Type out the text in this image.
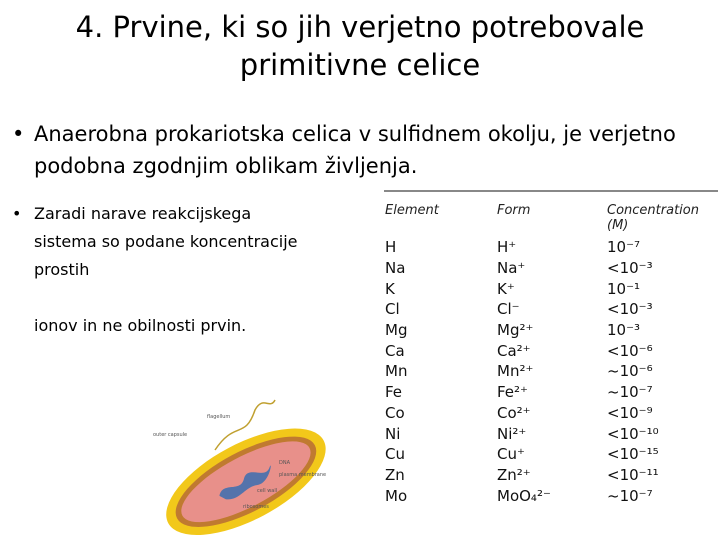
4. Prvine, ki so jih verjetno potrebovale
primitivne celice
• Anaerobna prokariotska celica v sulfidnem okolju, je verjetno podobna zgodnjim oblikam življenja.
• Zaradi narave reakcijskega sistema so podane koncentracije prostih
ionov in ne obilnosti prvin.
Element	Form	Concentration (M)
H	H⁺	10⁻⁷
Na	Na⁺	<10⁻³
K	K⁺	10⁻¹
Cl	Cl⁻	<10⁻³
Mg	Mg²⁺	10⁻³
Ca	Ca²⁺	<10⁻⁶
Mn	Mn²⁺	~10⁻⁶
Fe	Fe²⁺	~10⁻⁷
Co	Co²⁺	<10⁻⁹
Ni	Ni²⁺	<10⁻¹⁰
Cu	Cu⁺	<10⁻¹⁵
Zn	Zn²⁺	<10⁻¹¹
Mo	MoO₄²⁻	~10⁻⁷
flagellum
outer capsule
DNA
plasma membrane
cell wall
ribosomes
